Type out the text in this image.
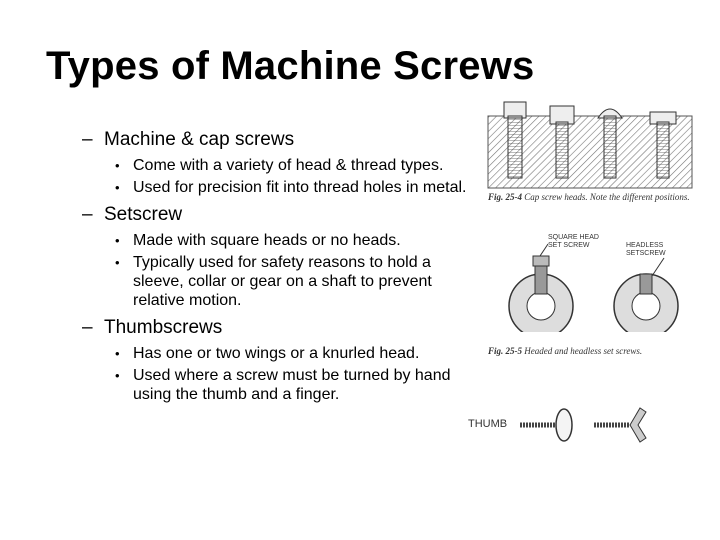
Types of Machine Screws
– Machine & cap screws
• Come with a variety of head & thread types.
• Used for precision fit into thread holes in metal.
– Setscrew
• Made with square heads or no heads.
• Typically used for safety reasons to hold a sleeve, collar or gear on a shaft to prevent relative motion.
– Thumbscrews
• Has one or two wings or a knurled head.
• Used where a screw must be turned by hand using the thumb and a finger.
Fig. 25-4 Cap screw heads. Note the different positions.
SQUARE HEAD SET SCREW	HEADLESS SETSCREW
Fig. 25-5 Headed and headless set screws.
THUMB
